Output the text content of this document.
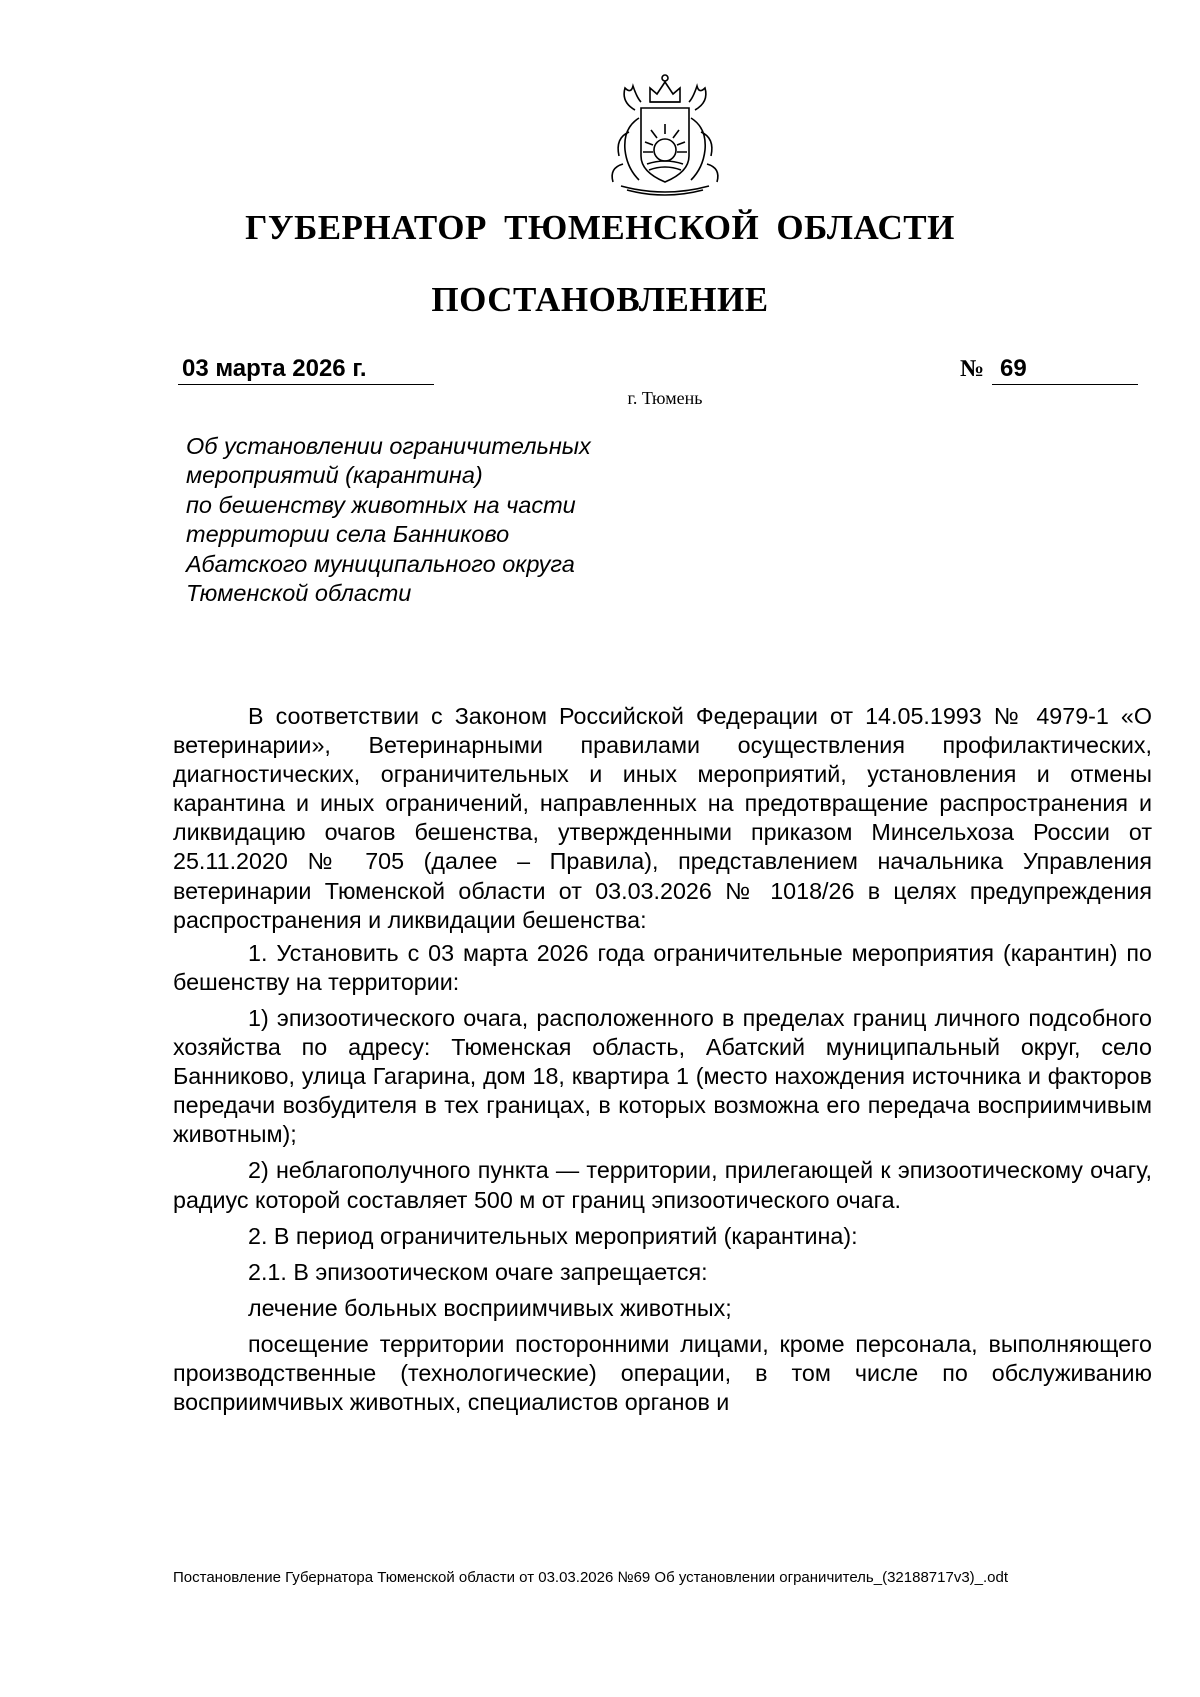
ГУБЕРНАТОР ТЮМЕНСКОЙ ОБЛАСТИ
ПОСТАНОВЛЕНИЕ
03 марта 2026 г.	№ 69
г. Тюмень
Об установлении ограничительных
мероприятий (карантина)
по бешенству животных на части
территории села Банниково
Абатского муниципального округа
Тюменской области

В соответствии с Законом Российской Федерации от 14.05.1993 № 4979-1 «О ветеринарии», Ветеринарными правилами осуществления профилактических, диагностических, ограничительных и иных мероприятий, установления и отмены карантина и иных ограничений, направленных на предотвращение распространения и ликвидацию очагов бешенства, утвержденными приказом Минсельхоза России от 25.11.2020 № 705 (далее – Правила), представлением начальника Управления ветеринарии Тюменской области от 03.03.2026 № 1018/26 в целях предупреждения распространения и ликвидации бешенства:

1. Установить с 03 марта 2026 года ограничительные мероприятия (карантин) по бешенству на территории:

1) эпизоотического очага, расположенного в пределах границ личного подсобного хозяйства по адресу: Тюменская область, Абатский муниципальный округ, село Банниково, улица Гагарина, дом 18, квартира 1 (место нахождения источника и факторов передачи возбудителя в тех границах, в которых возможна его передача восприимчивым животным);

2) неблагополучного пункта — территории, прилегающей к эпизоотическому очагу, радиус которой составляет 500 м от границ эпизоотического очага.

2. В период ограничительных мероприятий (карантина):

2.1. В эпизоотическом очаге запрещается:

лечение больных восприимчивых животных;

посещение территории посторонними лицами, кроме персонала, выполняющего производственные (технологические) операции, в том числе по обслуживанию восприимчивых животных, специалистов органов и

Постановление Губернатора Тюменской области от 03.03.2026 №69 Об установлении ограничитель_(32188717v3)_.odt
